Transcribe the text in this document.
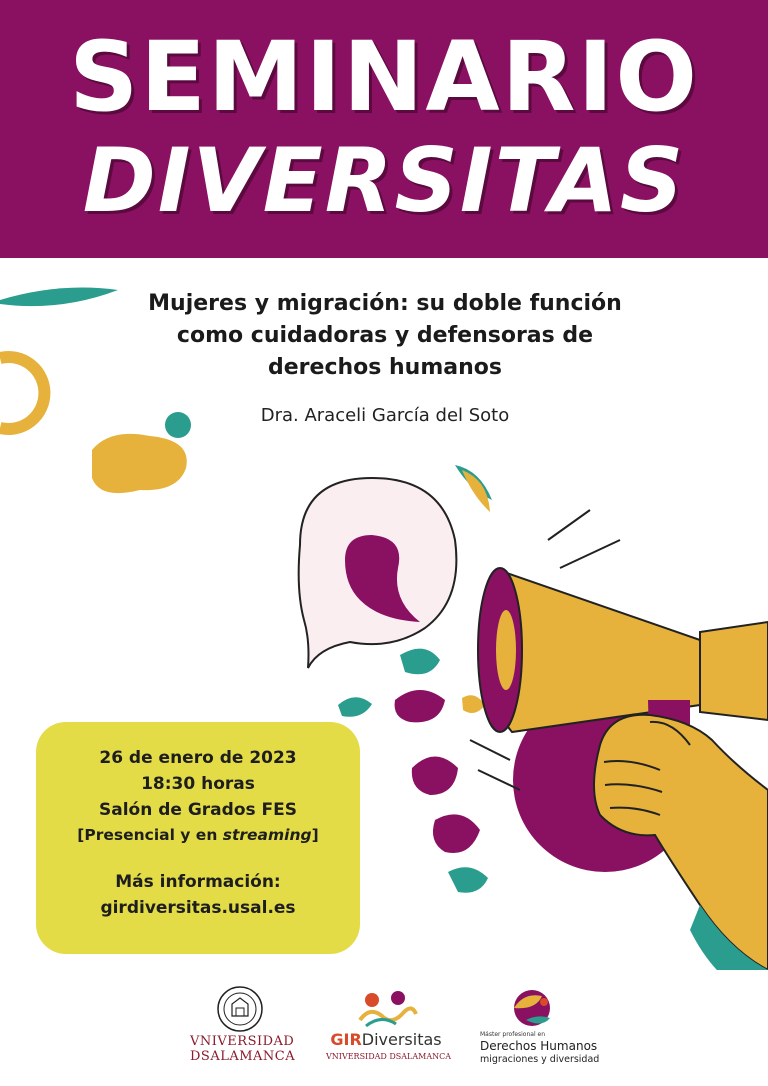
SEMINARIO
DIVERSITAS
Mujeres y migración: su doble función
como cuidadoras y defensoras de
derechos humanos
Dra. Araceli García del Soto
26 de enero de 2023
18:30 horas
Salón de Grados FES
[Presencial y en streaming]
Más información:
girdiversitas.usal.es
VNIVERSIDAD
DSALAMANCA
GIRDiversitas
VNIVERSIDAD DSALAMANCA
Máster profesional en
Derechos Humanos
migraciones y diversidad
